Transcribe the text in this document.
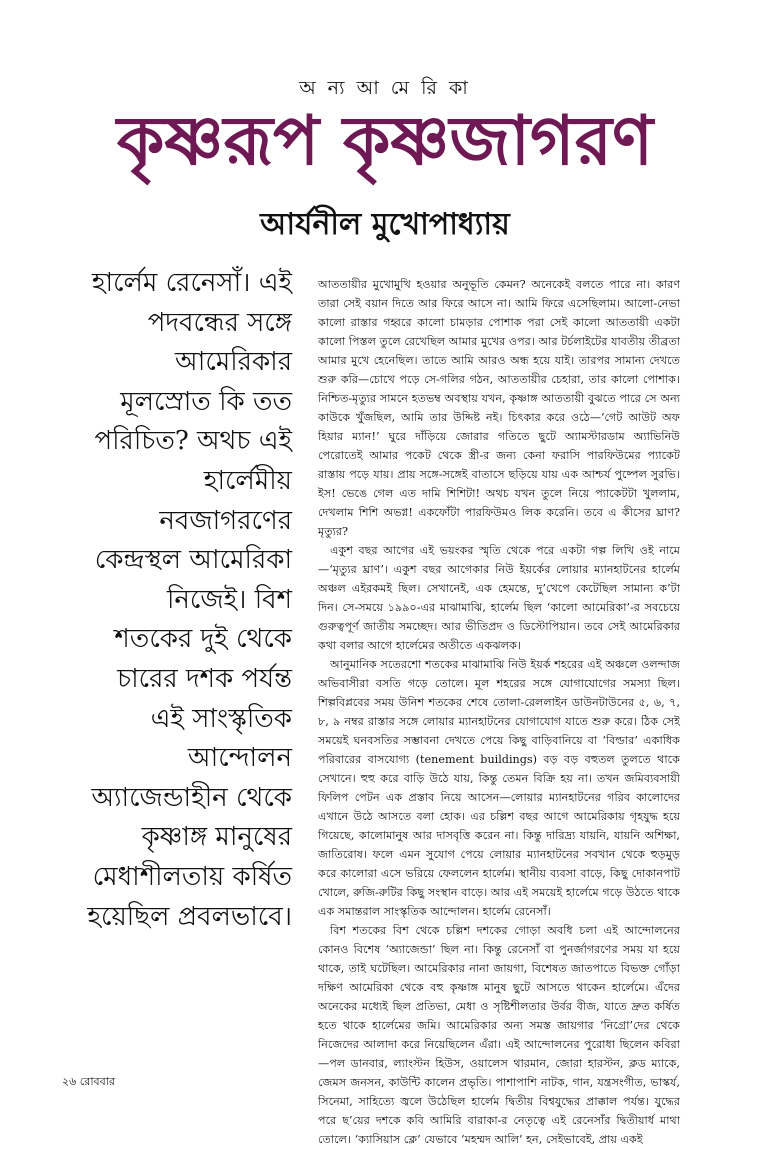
অ ন্য আ মে রি কা
কৃষ্ণরূপ কৃষ্ণজাগরণ
আর্যনীল মুখোপাধ্যায়
হার্লেম রেনেসাঁ। এই
পদবন্ধের সঙ্গে
আমেরিকার
মূলস্রোত কি তত
পরিচিত? অথচ এই
হার্লেমীয়
নবজাগরণের
কেন্দ্রস্থল আমেরিকা
নিজেই। বিশ
শতকের দুই থেকে
চারের দশক পর্যন্ত
এই সাংস্কৃতিক
আন্দোলন
অ্যাজেন্ডাহীন থেকে
কৃষ্ণাঙ্গ মানুষের
মেধাশীলতায় কর্ষিত
হয়েছিল প্রবলভাবে।

আততায়ীর মুখোমুখি হওয়ার অনুভূতি কেমন? অনেকেই বলতে পারে না। কারণ তারা সেই বয়ান দিতে আর ফিরে আসে না। আমি ফিরে এসেছিলাম। আলো-নেভা কালো রাস্তার গহ্বরে কালো চামড়ার পোশাক পরা সেই কালো আততায়ী একটা কালো পিস্তল তুলে রেখেছিল আমার মুখের ওপর। আর টর্চলাইটের যাবতীয় তীব্রতা আমার মুখে হেনেছিল। তাতে আমি আরও অন্ধ হয়ে যাই। তারপর সামান্য দেখতে শুরু করি—চোখে পড়ে সে-গলির গঠন, আততায়ীর চেহারা, তার কালো পোশাক। নিশ্চিত-মৃত্যুর সামনে হতভম্ব অবস্থায় যখন, কৃষ্ণাঙ্গ আততায়ী বুঝতে পারে সে অন্য কাউকে খুঁজছিল, আমি তার উদ্দিষ্ট নই। চিৎকার করে ওঠে—‘গেট আউট অফ হিয়ার ম্যান!’ ঘুরে দাঁড়িয়ে জোরার গতিতে ছুটে অ্যামস্টারডাম অ্যাভিনিউ পেরোতেই আমার পকেট থেকে স্ত্রী-র জন্য কেনা ফরাসি পারফিউমের প্যাকেট রাস্তায় পড়ে যায়। প্রায় সঙ্গে-সঙ্গেই বাতাসে ছড়িয়ে যায় এক আশ্চর্য পুষ্পেল সুরভি। ইস! ভেঙে গেল এত দামি শিশিটা! অথচ যখন তুলে নিয়ে প্যাকেটটা খুললাম, দেখলাম শিশি অভগ্ন! একফোঁটা পারফিউমও লিক করেনি। তবে এ কীসের ঘ্রাণ? মৃত্যুর?

একুশ বছর আগের এই ভয়ংকর স্মৃতি থেকে পরে একটা গল্প লিখি ওই নামে—‘মৃত্যুর ঘ্রাণ’। একুশ বছর আগেকার নিউ ইয়র্কের লোয়ার ম্যানহাটনের হার্লেম অঞ্চল এইরকমই ছিল। সেখানেই, এক হেমন্তে, দু’খেপে কেটেছিল সামান্য ক’টা দিন। সে-সময়ে ১৯৯০-এর মাঝামাঝি, হার্লেম ছিল ‘কালো আমেরিকা’-র সবচেয়ে গুরুত্বপূর্ণ জাতীয় সমচ্ছেদ। আর ভীতিপ্রদ ও ডিস্টোপিয়ান। তবে সেই আমেরিকার কথা বলার আগে হার্লেমের অতীতে একঝলক।

আনুমানিক সতেরশো শতকের মাঝামাঝি নিউ ইয়র্ক শহরের এই অঞ্চলে ওলন্দাজ অভিবাসীরা বসতি গড়ে তোলে। মূল শহরের সঙ্গে যোগাযোগের সমস্যা ছিল। শিল্পবিপ্লবের সময় উনিশ শতকের শেষে তোলা-রেললাইন ডাউনটাউনের ৫, ৬, ৭, ৮, ৯ নম্বর রাস্তার সঙ্গে লোয়ার ম্যানহাটনের যোগাযোগ যাতে শুরু করে। ঠিক সেই সময়েই ঘনবসতির সম্ভাবনা দেখতে পেয়ে কিছু বাড়িবানিয়ে বা ‘বিল্ডার’ একাধিক পরিবারের বাসযোগ্য (tenement buildings) বড় বড় বহুতল তুলতে থাকে সেখানে। হুহু করে বাড়ি উঠে যায়, কিন্তু তেমন বিক্রি হয় না। তখন জমিব্যবসায়ী ফিলিপ পেটন এক প্রস্তাব নিয়ে আসেন—লোয়ার ম্যানহাটনের গরিব কালোদের এখানে উঠে আসতে বলা হোক। এর চল্লিশ বছর আগে আমেরিকায় গৃহযুদ্ধ হয়ে গিয়েছে, কালোমানুষ আর দাসবৃত্তি করেন না। কিন্তু দারিদ্র্য যায়নি, যায়নি অশিক্ষা, জাতিরোষ। ফলে এমন সুযোগ পেয়ে লোয়ার ম্যানহাটনের সবখান থেকে হুড়মুড় করে কালোরা এসে ভরিয়ে ফেললেন হার্লেম। স্থানীয় ব্যবসা বাড়ে, কিছু দোকানপাট খোলে, রুজি-রুটির কিছু সংস্থান বাড়ে। আর এই সময়েই হার্লেমে গড়ে উঠতে থাকে এক সমান্তরাল সাংস্কৃতিক আন্দোলন। হার্লেম রেনেসাঁ।

বিশ শতকের বিশ থেকে চল্লিশ দশকের গোড়া অবধি চলা এই আন্দোলনের কোনও বিশেষ ‘অ্যাজেন্ডা’ ছিল না। কিন্তু রেনেসাঁ বা পুনর্জাগরণের সময় যা হয়ে থাকে, তাই ঘটেছিল। আমেরিকার নানা জায়গা, বিশেষত জাতপাতে বিভক্ত গোঁড়া দক্ষিণ আমেরিকা থেকে বহু কৃষ্ণাঙ্গ মানুষ ছুটে আসতে থাকেন হার্লেমে। এঁদের অনেকের মধ্যেই ছিল প্রতিভা, মেধা ও সৃষ্টিশীলতার উর্বর বীজ, যাতে দ্রুত কর্ষিত হতে থাকে হার্লেমের জমি। আমেরিকার অন্য সমস্ত জায়গার ‘নিগ্রো’দের থেকে নিজেদের আলাদা করে নিয়েছিলেন এঁরা। এই আন্দোলনের পুরোধা ছিলেন কবিরা—পল ডানবার, ল্যাংস্টন হিউস, ওয়ালেস থারমান, জোরা হারস্টন, ক্লড ম্যাকে, জেমস জনসন, কাউন্টি কালেন প্রভৃতি। পাশাপাশি নাটক, গান, যন্ত্রসংগীত, ভাস্কর্য, সিনেমা, সাহিত্যে জ্বলে উঠেছিল হার্লেম দ্বিতীয় বিশ্বযুদ্ধের প্রাক্কাল পর্যন্ত। যুদ্ধের পরে ছ’য়ের দশকে কবি আমিরি বারাকা-র নেতৃত্বে এই রেনেসাঁর দ্বিতীয়ার্ধ মাথা তোলে। ‘ক্যাসিয়াস ক্লে’ যেভাবে ‘মহম্মদ আলি’ হন, সেইভাবেই, প্রায় একই

২৬ রোববার
